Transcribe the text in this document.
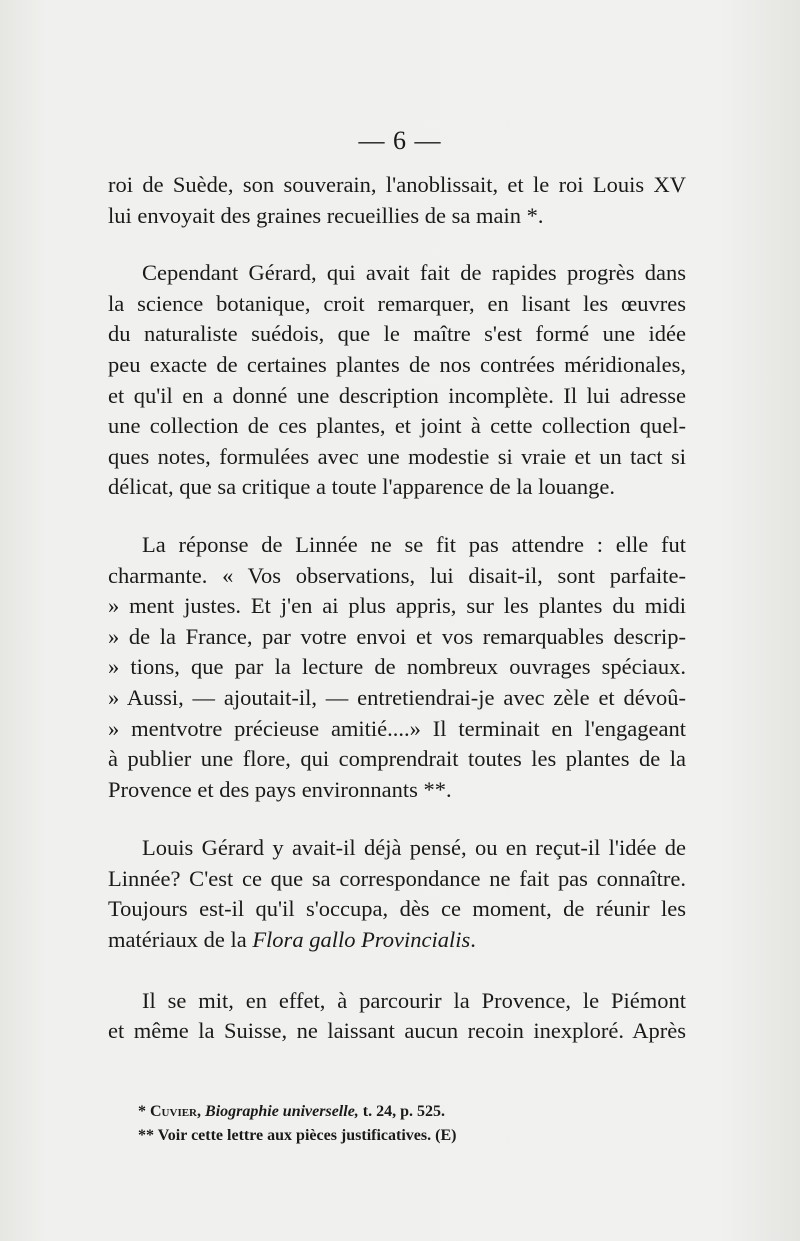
— 6 —

roi de Suède, son souverain, l'anoblissait, et le roi Louis XV
lui envoyait des graines recueillies de sa main *.

Cependant Gérard, qui avait fait de rapides progrès dans
la science botanique, croit remarquer, en lisant les œuvres
du naturaliste suédois, que le maître s'est formé une idée
peu exacte de certaines plantes de nos contrées méridionales,
et qu'il en a donné une description incomplète. Il lui adresse
une collection de ces plantes, et joint à cette collection quel-
ques notes, formulées avec une modestie si vraie et un tact si
délicat, que sa critique a toute l'apparence de la louange.

La réponse de Linnée ne se fit pas attendre : elle fut
charmante. « Vos observations, lui disait-il, sont parfaite-
» ment justes. Et j'en ai plus appris, sur les plantes du midi
» de la France, par votre envoi et vos remarquables descrip-
» tions, que par la lecture de nombreux ouvrages spéciaux.
» Aussi, — ajoutait-il, — entretiendrai-je avec zèle et dévoû-
» mentvotre précieuse amitié....» Il terminait en l'engageant
à publier une flore, qui comprendrait toutes les plantes de la
Provence et des pays environnants **.

Louis Gérard y avait-il déjà pensé, ou en reçut-il l'idée de
Linnée? C'est ce que sa correspondance ne fait pas connaître.
Toujours est-il qu'il s'occupa, dès ce moment, de réunir les
matériaux de la Flora gallo Provincialis.

Il se mit, en effet, à parcourir la Provence, le Piémont
et même la Suisse, ne laissant aucun recoin inexploré. Après

* Cuvier, Biographie universelle, t. 24, p. 525.
** Voir cette lettre aux pièces justificatives. (E)
